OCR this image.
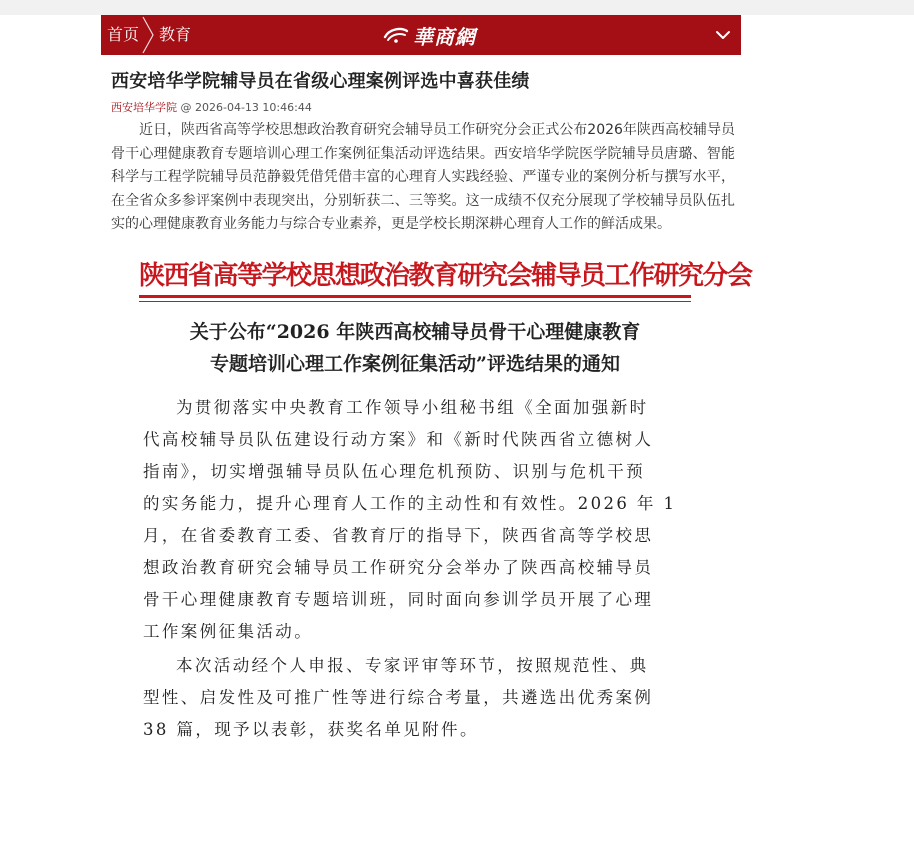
首页 教育	華商網
西安培华学院辅导员在省级心理案例评选中喜获佳绩
西安培华学院 @ 2026-04-13 10:46:44

近日，陕西省高等学校思想政治教育研究会辅导员工作研究分会正式公布2026年陕西高校辅导员骨干心理健康教育专题培训心理工作案例征集活动评选结果。西安培华学院医学院辅导员唐璐、智能科学与工程学院辅导员范静毅凭借凭借丰富的心理育人实践经验、严谨专业的案例分析与撰写水平，在全省众多参评案例中表现突出，分别斩获二、三等奖。这一成绩不仅充分展现了学校辅导员队伍扎实的心理健康教育业务能力与综合专业素养，更是学校长期深耕心理育人工作的鲜活成果。

陕西省高等学校思想政治教育研究会辅导员工作研究分会
关于公布“2026 年陕西高校辅导员骨干心理健康教育
专题培训心理工作案例征集活动”评选结果的通知
为贯彻落实中央教育工作领导小组秘书组《全面加强新时
代高校辅导员队伍建设行动方案》和《新时代陕西省立德树人
指南》，切实增强辅导员队伍心理危机预防、识别与危机干预
的实务能力，提升心理育人工作的主动性和有效性。2026 年 1
月，在省委教育工委、省教育厅的指导下，陕西省高等学校思
想政治教育研究会辅导员工作研究分会举办了陕西高校辅导员
骨干心理健康教育专题培训班，同时面向参训学员开展了心理
工作案例征集活动。
本次活动经个人申报、专家评审等环节，按照规范性、典
型性、启发性及可推广性等进行综合考量，共遴选出优秀案例
38 篇，现予以表彰，获奖名单见附件。
